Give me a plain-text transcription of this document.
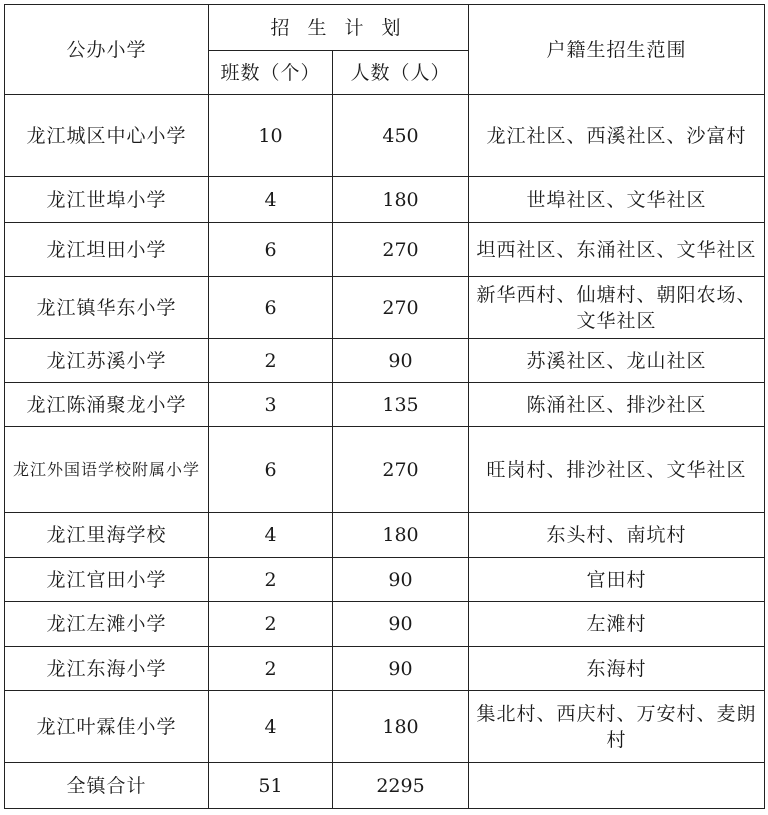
公办小学	招 生 计 划		户籍生招生范围
	班数（个）	人数（人）	
龙江城区中心小学	10	450	龙江社区、西溪社区、沙富村
龙江世埠小学	4	180	世埠社区、文华社区
龙江坦田小学	6	270	坦西社区、东涌社区、文华社区
龙江镇华东小学	6	270	新华西村、仙塘村、朝阳农场、文华社区
龙江苏溪小学	2	90	苏溪社区、龙山社区
龙江陈涌聚龙小学	3	135	陈涌社区、排沙社区
龙江外国语学校附属小学	6	270	旺岗村、排沙社区、文华社区
龙江里海学校	4	180	东头村、南坑村
龙江官田小学	2	90	官田村
龙江左滩小学	2	90	左滩村
龙江东海小学	2	90	东海村
龙江叶霖佳小学	4	180	集北村、西庆村、万安村、麦朗村
全镇合计	51	2295	
